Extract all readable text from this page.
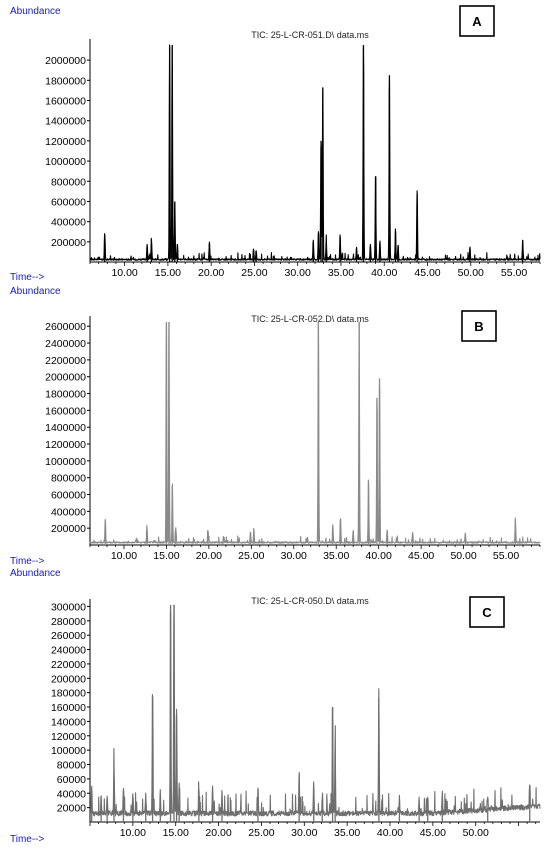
Abundance
TIC: 25-L-CR-051.D\ data.ms
A
200000
400000
600000
800000
1000000
1200000
1400000
1600000
1800000
2000000
10.00 15.00 20.00 25.00 30.00 35.00 40.00 45.00 50.00 55.00
Time-->
Abundance
TIC: 25-L-CR-052.D\ data.ms	B
200000
400000
600000
800000
1000000
1200000
1400000
1600000
1800000
2000000
2200000
2400000
2600000
10.00 15.00 20.00 25.00 30.00 35.00 40.00 45.00 50.00 55.00
Time-->
Abundance
TIC: 25-L-CR-050.D\ data.ms
C
20000
40000
60000
80000
100000
120000
140000
160000
180000
200000
220000
240000
260000
280000
300000
10.00 15.00 20.00 25.00 30.00 35.00 40.00 45.00 50.00
Time-->
